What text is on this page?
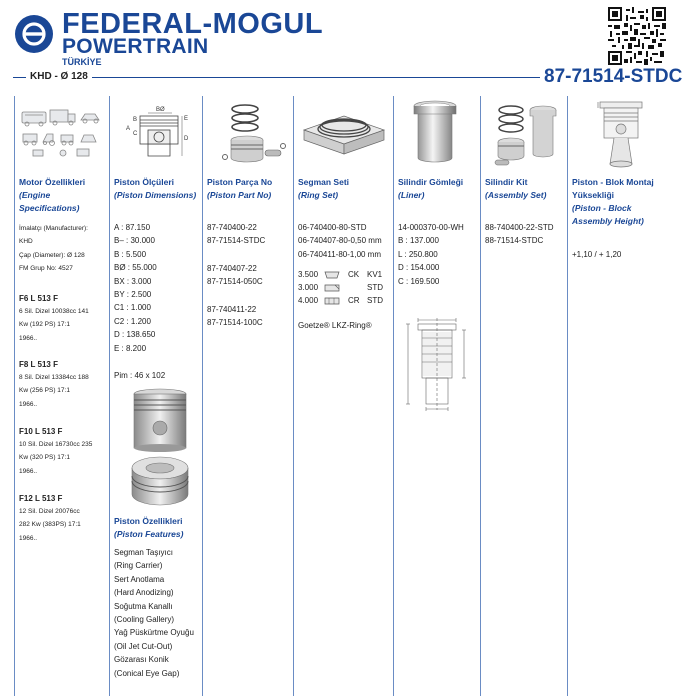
FEDERAL-MOGUL
POWERTRAIN
TÜRKİYE
KHD - Ø 128	87-71514-STDC
Motor Özellikleri
(Engine Specifications)
İmalatçı (Manufacturer):
KHD
Çap (Diameter): Ø 128
FM Grup No: 4527
F6 L 513 F
6 Sil. Dizel 10038cc 141
Kw (192 PS) 17:1
1966..
F8 L 513 F
8 Sil. Dizel 13384cc 188
Kw (256 PS) 17:1
1966..
F10 L 513 F
10 Sil. Dizel 16730cc 235
Kw (320 PS) 17:1
1966..
F12 L 513 F
12 Sil. Dizel 20076cc
282 Kw (383PS) 17:1
1966..
BØ
B
A
C
E
D
Piston Ölçüleri
(Piston Dimensions)
A : 87.150
B– : 30.000
B : 5.500
BØ : 55.000
BX : 3.000
BY : 2.500
C1 : 1.000
C2 : 1.200
D : 138.650
E : 8.200
Pim : 46 x 102
Piston Özellikleri
(Piston Features)
Segman Taşıyıcı
(Ring Carrier)
Sert Anotlama
(Hard Anodizing)
Soğutma Kanallı
(Cooling Gallery)
Yağ Püskürtme Oyuğu
(Oil Jet Cut-Out)
Gözarası Konik
(Conical Eye Gap)
Piston Parça No
(Piston Part No)
87-740400-22
87-71514-STDC
87-740407-22
87-71514-050C
87-740411-22
87-71514-100C
Segman Seti
(Ring Set)
06-740400-80-STD
06-740407-80-0,50 mm
06-740411-80-1,00 mm
3.500	CK KV1
3.000	STD
4.000	CR STD
Goetze® LKZ-Ring®
Silindir Gömleği
(Liner)
14-000370-00-WH
B : 137.000
L : 250.800
D : 154.000
C : 169.500
Silindir Kit
(Assembly Set)
88-740400-22-STD
88-71514-STDC
Piston - Blok Montaj
Yüksekliği
(Piston - Block
Assembly Height)
+1,10 / + 1,20
